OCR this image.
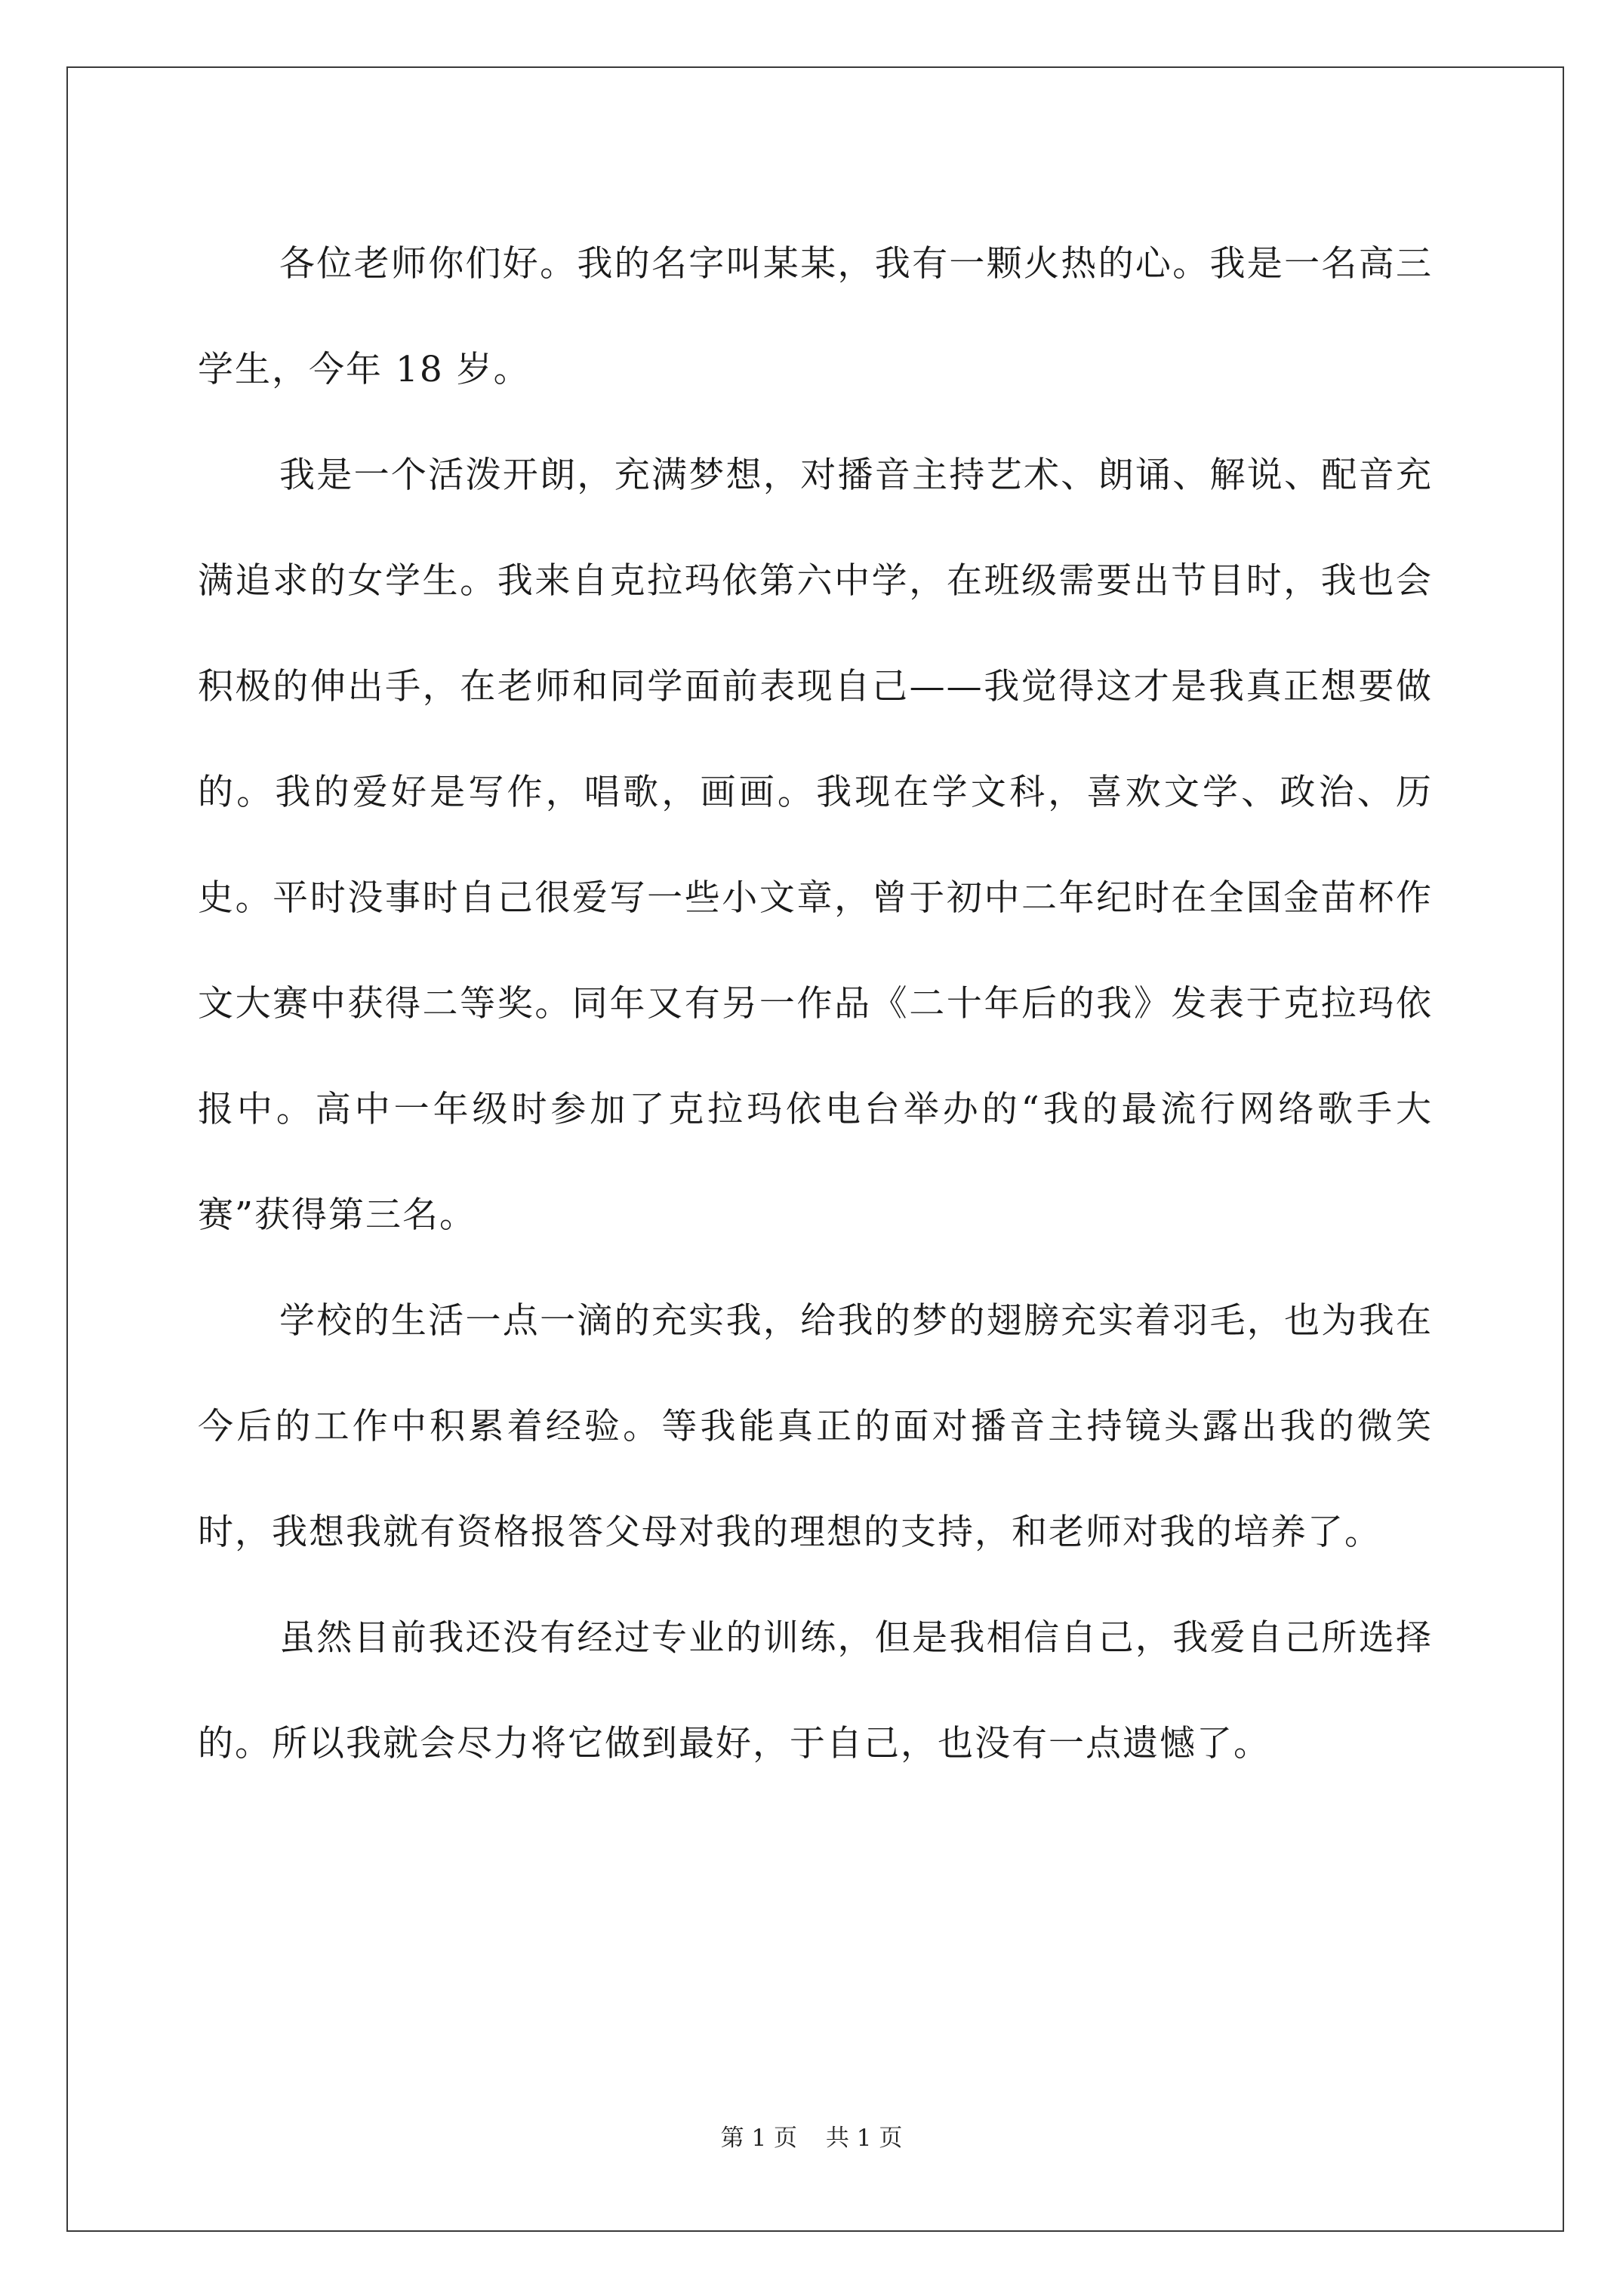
各位老师你们好。我的名字叫某某，我有一颗火热的心。我是一名高三学生，今年 18 岁。

我是一个活泼开朗，充满梦想，对播音主持艺术、朗诵、解说、配音充满追求的女学生。我来自克拉玛依第六中学，在班级需要出节目时，我也会积极的伸出手，在老师和同学面前表现自己——我觉得这才是我真正想要做的。我的爱好是写作，唱歌，画画。我现在学文科，喜欢文学、政治、历史。平时没事时自己很爱写一些小文章，曾于初中二年纪时在全国金苗杯作文大赛中获得二等奖。同年又有另一作品《二十年后的我》发表于克拉玛依报中。高中一年级时参加了克拉玛依电台举办的“我的最流行网络歌手大赛”获得第三名。

学校的生活一点一滴的充实我，给我的梦的翅膀充实着羽毛，也为我在今后的工作中积累着经验。等我能真正的面对播音主持镜头露出我的微笑时，我想我就有资格报答父母对我的理想的支持，和老师对我的培养了。

虽然目前我还没有经过专业的训练，但是我相信自己，我爱自己所选择的。所以我就会尽力将它做到最好，于自己，也没有一点遗憾了。

第 1 页 共 1 页
